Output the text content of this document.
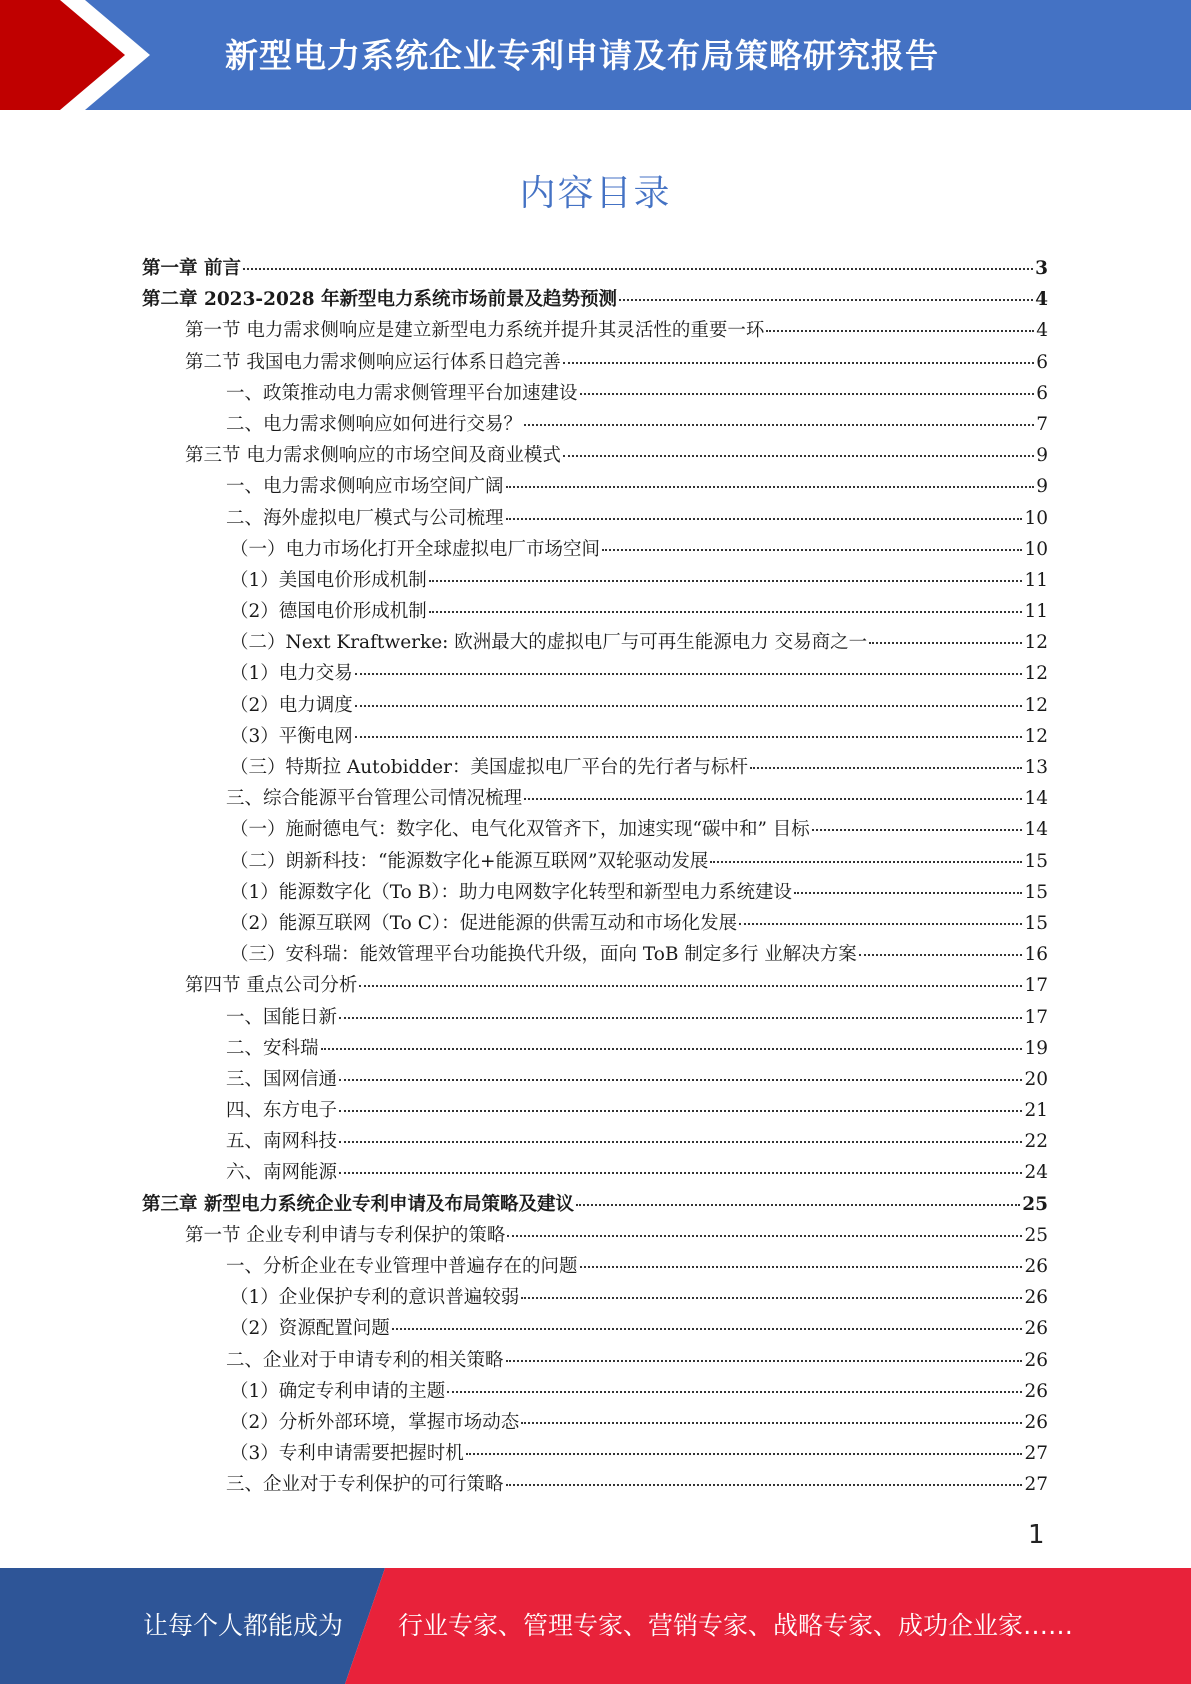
新型电力系统企业专利申请及布局策略研究报告
内容目录
第一章 前言	3
第二章 2023-2028 年新型电力系统市场前景及趋势预测	4
第一节 电力需求侧响应是建立新型电力系统并提升其灵活性的重要一环	4
第二节 我国电力需求侧响应运行体系日趋完善	6
一、政策推动电力需求侧管理平台加速建设	6
二、电力需求侧响应如何进行交易？	7
第三节 电力需求侧响应的市场空间及商业模式	9
一、电力需求侧响应市场空间广阔	9
二、海外虚拟电厂模式与公司梳理	10
（一）电力市场化打开全球虚拟电厂市场空间	10
（1）美国电价形成机制	11
（2）德国电价形成机制	11
（二）Next Kraftwerke: 欧洲最大的虚拟电厂与可再生能源电力 交易商之一	12
（1）电力交易	12
（2）电力调度	12
（3）平衡电网	12
（三）特斯拉 Autobidder：美国虚拟电厂平台的先行者与标杆	13
三、综合能源平台管理公司情况梳理	14
（一）施耐德电气：数字化、电气化双管齐下，加速实现“碳中和” 目标	14
（二）朗新科技：“能源数字化+能源互联网”双轮驱动发展	15
（1）能源数字化（To B）：助力电网数字化转型和新型电力系统建设	15
（2）能源互联网（To C）：促进能源的供需互动和市场化发展	15
（三）安科瑞：能效管理平台功能换代升级，面向 ToB 制定多行 业解决方案	16
第四节 重点公司分析	17
一、国能日新	17
二、安科瑞	19
三、国网信通	20
四、东方电子	21
五、南网科技	22
六、南网能源	24
第三章 新型电力系统企业专利申请及布局策略及建议	25
第一节 企业专利申请与专利保护的策略	25
一、分析企业在专业管理中普遍存在的问题	26
（1）企业保护专利的意识普遍较弱	26
（2）资源配置问题	26
二、企业对于申请专利的相关策略	26
（1）确定专利申请的主题	26
（2）分析外部环境，掌握市场动态	26
（3）专利申请需要把握时机	27
三、企业对于专利保护的可行策略	27
1
让每个人都能成为 行业专家、管理专家、营销专家、战略专家、成功企业家……
